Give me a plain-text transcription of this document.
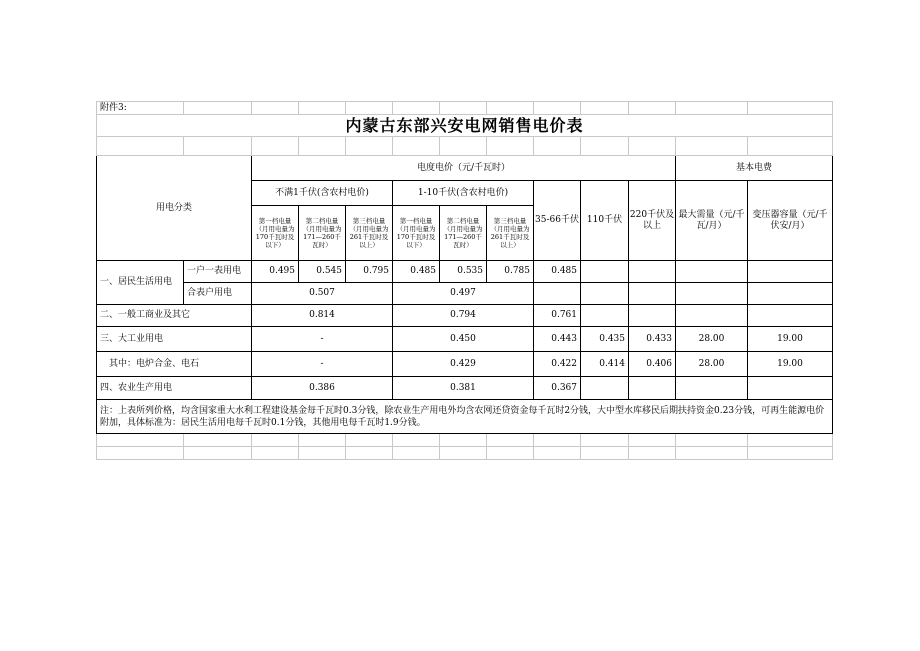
附件3:												
内蒙古东部兴安电网销售电价表												

用电分类		电度电价（元/千瓦时）									基本电费	
		不满1千伏(含农村电价)			1-10千伏(含农村电价)			35-66千伏	110千伏	220千伏及以上	最大需量（元/千瓦/月）	变压器容量（元/千伏安/月）
		第一档电量（月用电量为170千瓦时及以下）	第二档电量（月用电量为171—260千瓦时）	第三档电量（月用电量为261千瓦时及以上）	第一档电量（月用电量为170千瓦时及以下）	第二档电量（月用电量为171—260千瓦时）	第三档电量（月用电量为261千瓦时及以上）					
一、居民生活用电	一户一表用电	0.495	0.545	0.795	0.485	0.535	0.785	0.485				
	合表户用电	0.507			0.497							
二、一般工商业及其它		0.814			0.794			0.761				
三、大工业用电		-			0.450			0.443	0.435	0.433	28.00	19.00
其中：电炉合金、电石		-			0.429			0.422	0.414	0.406	28.00	19.00
四、农业生产用电		0.386			0.381			0.367				
注：上表所列价格，均含国家重大水利工程建设基金每千瓦时0.3分钱，除农业生产用电外均含农网还贷资金每千瓦时2分钱，大中型水库移民后期扶持资金0.23分钱，可再生能源电价附加，具体标准为：居民生活用电每千瓦时0.1分钱，其他用电每千瓦时1.9分钱。												
